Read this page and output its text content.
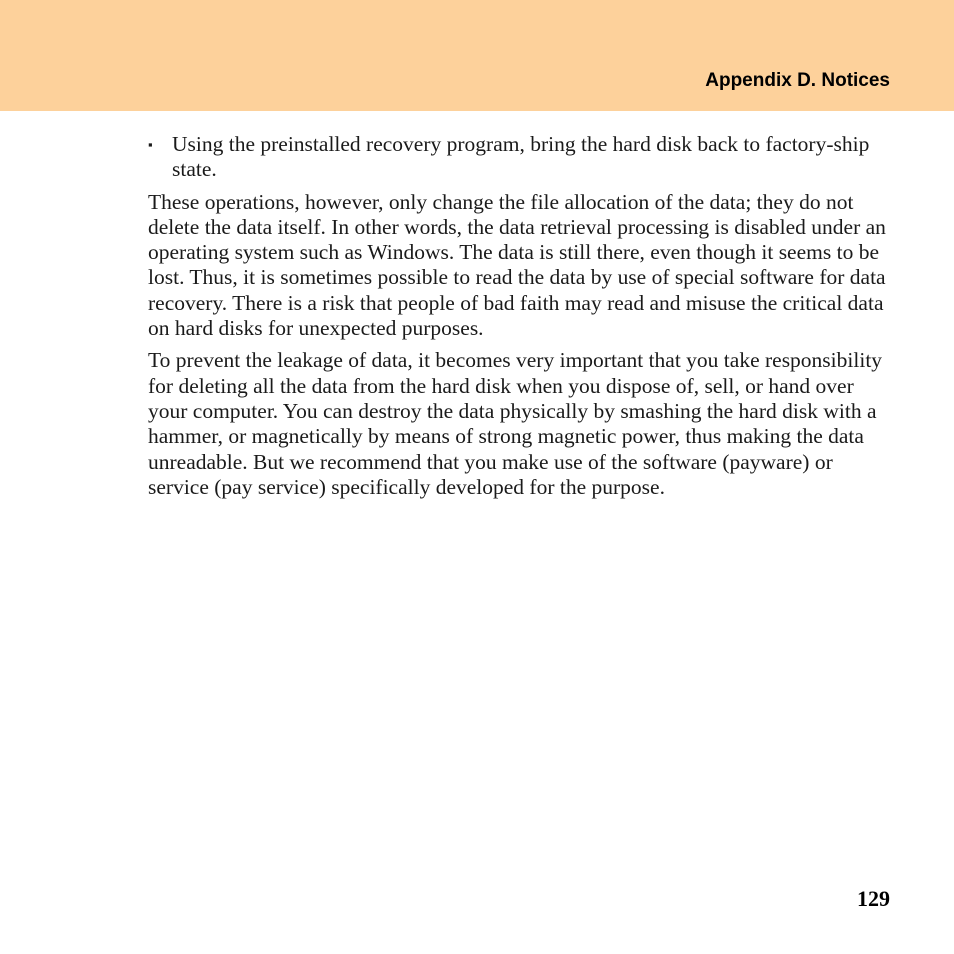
Appendix D. Notices
▪ Using the preinstalled recovery program, bring the hard disk back to factory-ship state.

These operations, however, only change the file allocation of the data; they do not delete the data itself. In other words, the data retrieval processing is disabled under an operating system such as Windows. The data is still there, even though it seems to be lost. Thus, it is sometimes possible to read the data by use of special software for data recovery. There is a risk that people of bad faith may read and misuse the critical data on hard disks for unexpected purposes.

To prevent the leakage of data, it becomes very important that you take responsibility for deleting all the data from the hard disk when you dispose of, sell, or hand over your computer. You can destroy the data physically by smashing the hard disk with a hammer, or magnetically by means of strong magnetic power, thus making the data unreadable. But we recommend that you make use of the software (payware) or service (pay service) specifically developed for the purpose.

129
